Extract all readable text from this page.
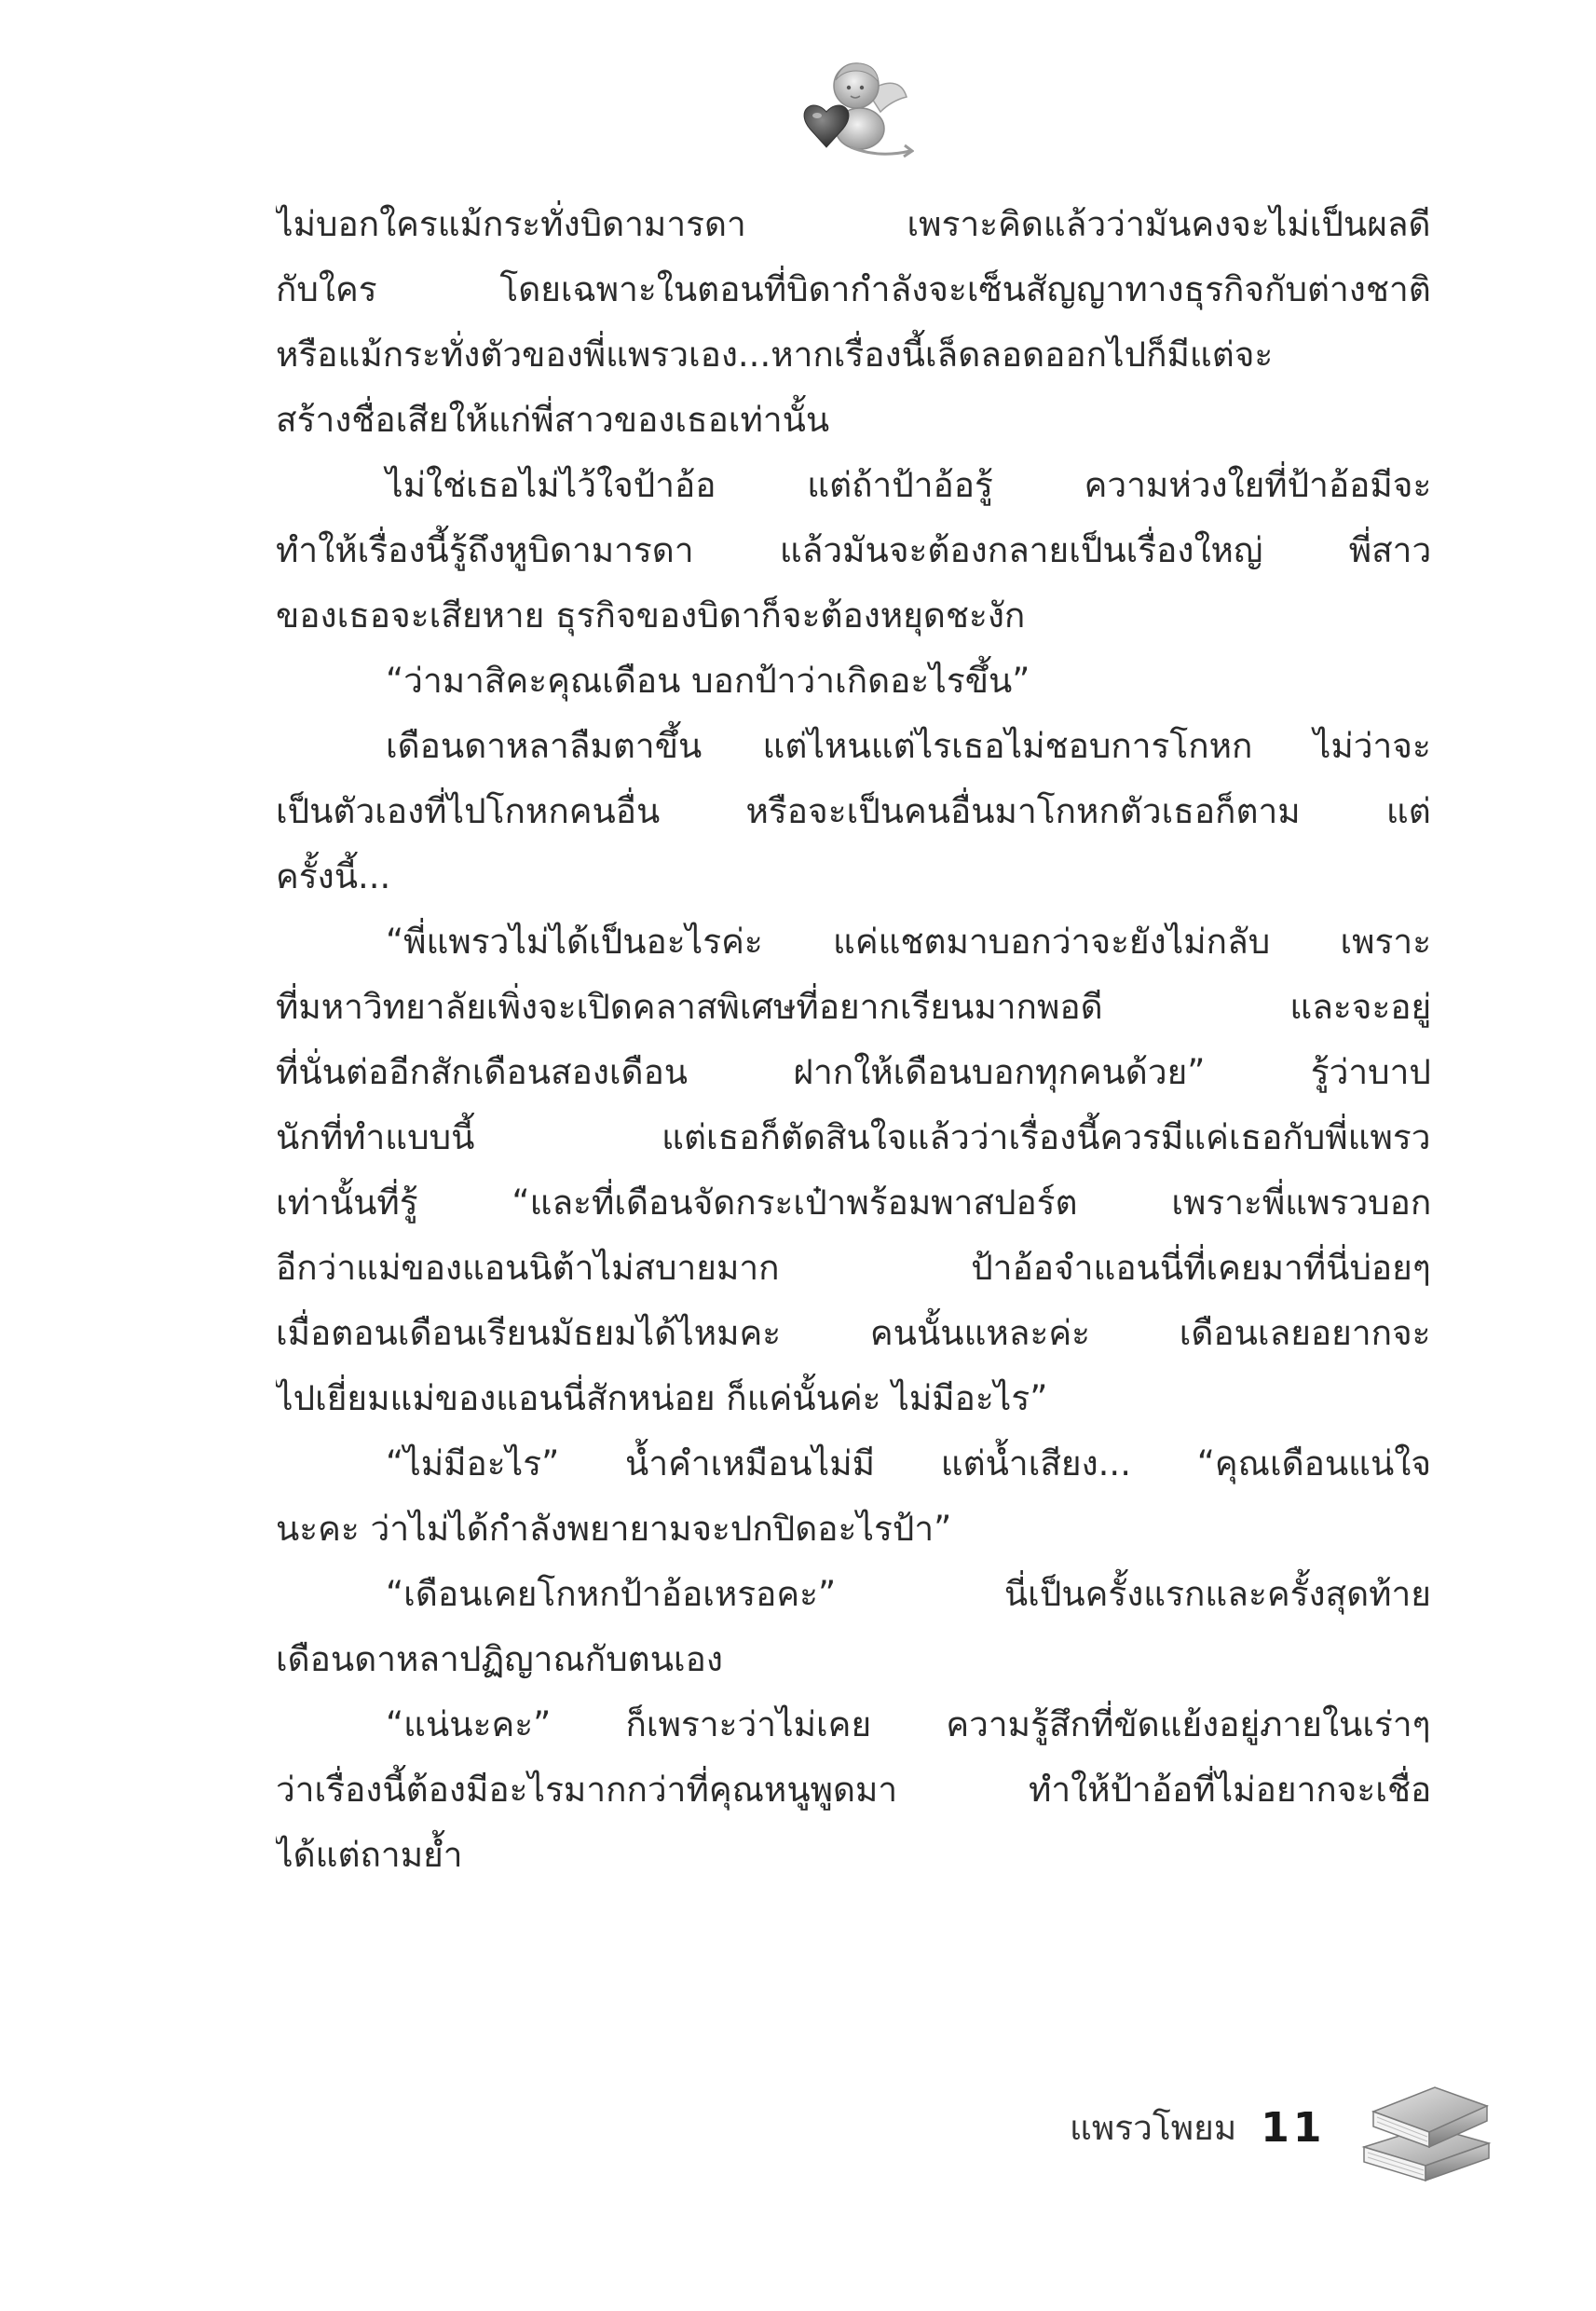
ไม่บอกใครแม้กระทั่งบิดามารดา เพราะคิดแล้วว่ามันคงจะไม่เป็นผลดี
กับใคร โดยเฉพาะในตอนที่บิดากำลังจะเซ็นสัญญาทางธุรกิจกับต่างชาติ
หรือแม้กระทั่งตัวของพี่แพรวเอง...หากเรื่องนี้เล็ดลอดออกไปก็มีแต่จะ
สร้างชื่อเสียให้แก่พี่สาวของเธอเท่านั้น
ไม่ใช่เธอไม่ไว้ใจป้าอ้อ แต่ถ้าป้าอ้อรู้ ความห่วงใยที่ป้าอ้อมีจะ
ทำให้เรื่องนี้รู้ถึงหูบิดามารดา แล้วมันจะต้องกลายเป็นเรื่องใหญ่ พี่สาว
ของเธอจะเสียหาย ธุรกิจของบิดาก็จะต้องหยุดชะงัก
“ว่ามาสิคะคุณเดือน บอกป้าว่าเกิดอะไรขึ้น”
เดือนดาหลาลืมตาขึ้น แต่ไหนแต่ไรเธอไม่ชอบการโกหก ไม่ว่าจะ
เป็นตัวเองที่ไปโกหกคนอื่น หรือจะเป็นคนอื่นมาโกหกตัวเธอก็ตาม แต่
ครั้งนี้...
“พี่แพรวไม่ได้เป็นอะไรค่ะ แค่แชตมาบอกว่าจะยังไม่กลับ เพราะ
ที่มหาวิทยาลัยเพิ่งจะเปิดคลาสพิเศษที่อยากเรียนมากพอดี และจะอยู่
ที่นั่นต่ออีกสักเดือนสองเดือน ฝากให้เดือนบอกทุกคนด้วย” รู้ว่าบาป
นักที่ทำแบบนี้ แต่เธอก็ตัดสินใจแล้วว่าเรื่องนี้ควรมีแค่เธอกับพี่แพรว
เท่านั้นที่รู้ “และที่เดือนจัดกระเป๋าพร้อมพาสปอร์ต เพราะพี่แพรวบอก
อีกว่าแม่ของแอนนิต้าไม่สบายมาก ป้าอ้อจำแอนนี่ที่เคยมาที่นี่บ่อยๆ
เมื่อตอนเดือนเรียนมัธยมได้ไหมคะ คนนั้นแหละค่ะ เดือนเลยอยากจะ
ไปเยี่ยมแม่ของแอนนี่สักหน่อย ก็แค่นั้นค่ะ ไม่มีอะไร”
“ไม่มีอะไร” น้ำคำเหมือนไม่มี แต่น้ำเสียง... “คุณเดือนแน่ใจ
นะคะ ว่าไม่ได้กำลังพยายามจะปกปิดอะไรป้า”
“เดือนเคยโกหกป้าอ้อเหรอคะ” นี่เป็นครั้งแรกและครั้งสุดท้าย
เดือนดาหลาปฏิญาณกับตนเอง
“แน่นะคะ” ก็เพราะว่าไม่เคย ความรู้สึกที่ขัดแย้งอยู่ภายในเร่าๆ
ว่าเรื่องนี้ต้องมีอะไรมากกว่าที่คุณหนูพูดมา ทำให้ป้าอ้อที่ไม่อยากจะเชื่อ
ได้แต่ถามย้ำ
แพรวโพยม 11
